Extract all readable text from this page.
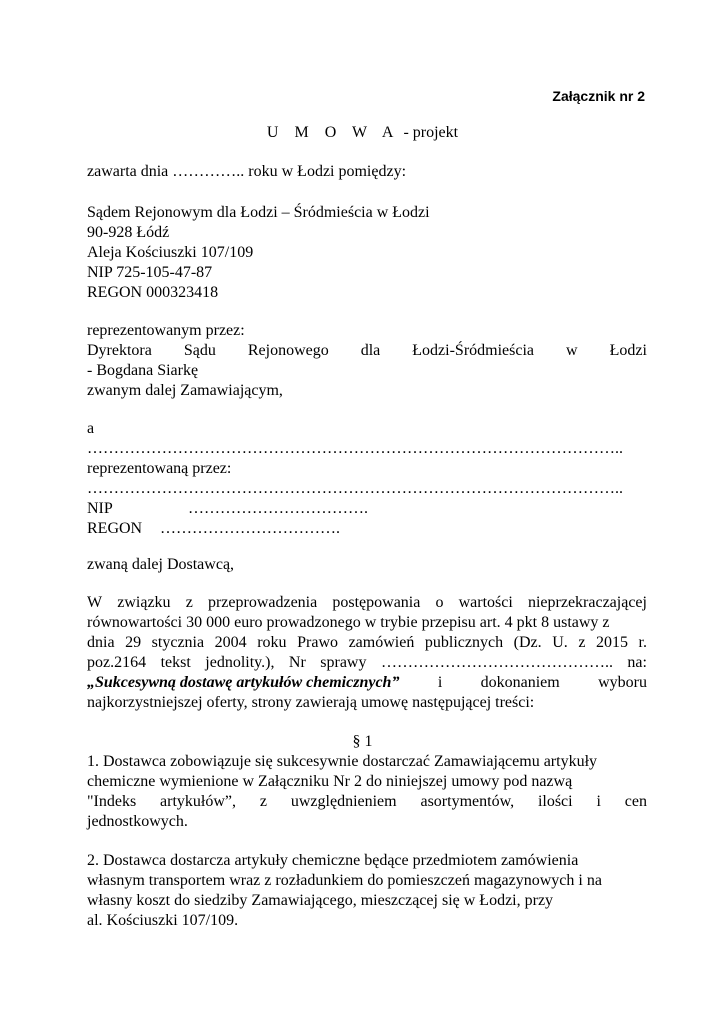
Załącznik nr 2
U M O W A - projekt
zawarta dnia ………….. roku w Łodzi pomiędzy:
Sądem Rejonowym dla Łodzi – Śródmieścia w Łodzi
90-928 Łódź
Aleja Kościuszki 107/109
NIP 725-105-47-87
REGON 000323418
reprezentowanym przez:
Dyrektora Sądu Rejonowego dla Łodzi-Śródmieścia w Łodzi
- Bogdana Siarkę
zwanym dalej Zamawiającym,
a
………………………………………………………………………………………..
reprezentowaną przez:
………………………………………………………………………………………..
NIP	…………………………….
REGON …………………………….
zwaną dalej Dostawcą,
W związku z przeprowadzenia postępowania o wartości nieprzekraczającej
równowartości 30 000 euro prowadzonego w trybie przepisu art. 4 pkt 8 ustawy z
dnia 29 stycznia 2004 roku Prawo zamówień publicznych (Dz. U. z 2015 r.
poz.2164 tekst jednolity.), Nr sprawy …………………………………….. na:
„Sukcesywną dostawę artykułów chemicznych” i dokonaniem wyboru
najkorzystniejszej oferty, strony zawierają umowę następującej treści:
§ 1
1. Dostawca zobowiązuje się sukcesywnie dostarczać Zamawiającemu artykuły
chemiczne wymienione w Załączniku Nr 2 do niniejszej umowy pod nazwą
"Indeks artykułów”, z uwzględnieniem asortymentów, ilości i cen
jednostkowych.
2. Dostawca dostarcza artykuły chemiczne będące przedmiotem zamówienia
własnym transportem wraz z rozładunkiem do pomieszczeń magazynowych i na
własny koszt do siedziby Zamawiającego, mieszczącej się w Łodzi, przy
al. Kościuszki 107/109.
